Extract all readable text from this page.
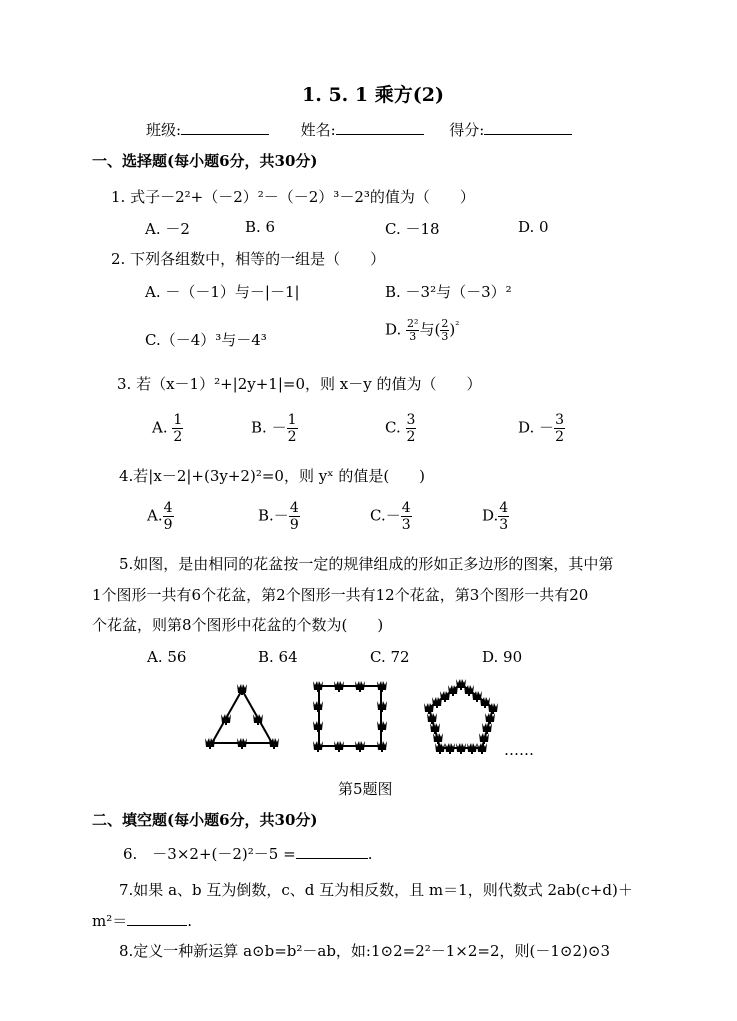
1. 5. 1 乘方(2)
班级:	姓名:	得分:
一、选择题(每小题6分，共30分)
1. 式子－2²+（－2）²－（－2）³－2³的值为（　　）
A. －2	B. 6	C. －18	D. 0
2. 下列各组数中，相等的一组是（　　）
A. －（－1）与－|－1|	B. －3²与（－3）²
C.（－4）³与－4³
D. $\frac{\text{2²}}{3}$ 与( $\frac{2}{3} )^{^2}$
3. 若（x－1）²+|2y+1|=0，则 x－y 的值为（　　）
A. $\frac{1}{2}$	B. － $\frac{1}{2}$	C. $\frac{3}{2}$	D. － $\frac{3}{2}$
4.若|x－2|+(3y+2)²=0，则 yˣ 的值是(　　)
A. $\frac{4}{9}$	$B.- \frac{4}{9}$	$C.- \frac{4}{3}$	D. $\frac{4}{3}$
5.如图，是由相同的花盆按一定的规律组成的形如正多边形的图案，其中第
1个图形一共有6个花盆，第2个图形一共有12个花盆，第3个图形一共有20
个花盆，则第8个图形中花盆的个数为(　　)
A. 56	B. 64	C. 72	D. 90
……
第5题图
二、填空题(每小题6分，共30分)
6.　－3×2+(－2)²－5 =	.
7.如果 a、b 互为倒数，c、d 互为相反数，且 m＝1，则代数式 2ab(c+d)＋
m²＝	.
8.定义一种新运算 a⊙b=b²－ab，如:1⊙2=2²－1×2=2，则(－1⊙2)⊙3
